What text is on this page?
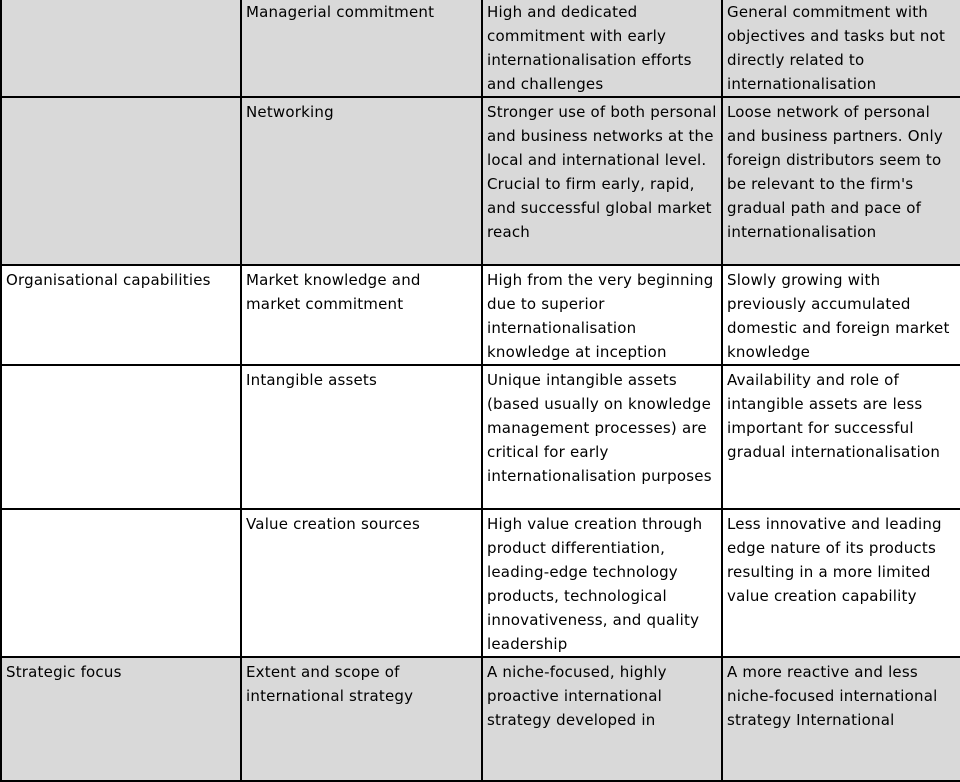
	Managerial commitment	High and dedicated commitment with early internationalisation efforts and challenges	General commitment with objectives and tasks but not directly related to internationalisation
	Networking	Stronger use of both personal and business networks at the local and international level. Crucial to firm early, rapid, and successful global market reach	Loose network of personal and business partners. Only foreign distributors seem to be relevant to the firm's gradual path and pace of internationalisation
Organisational capabilities	Market knowledge and market commitment	High from the very beginning due to superior internationalisation knowledge at inception	Slowly growing with previously accumulated domestic and foreign market knowledge
	Intangible assets	Unique intangible assets (based usually on knowledge management processes) are critical for early internationalisation purposes	Availability and role of intangible assets are less important for successful gradual internationalisation
	Value creation sources	High value creation through product differentiation, leading-edge technology products, technological innovativeness, and quality leadership	Less innovative and leading edge nature of its products resulting in a more limited value creation capability
Strategic focus	Extent and scope of international strategy	A niche-focused, highly proactive international strategy developed in	A more reactive and less niche-focused international strategy International
